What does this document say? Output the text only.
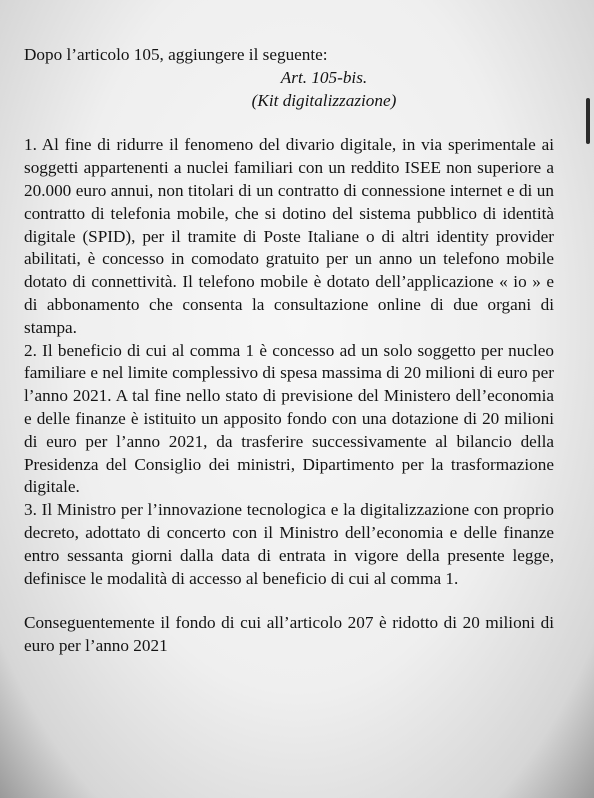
Dopo l’articolo 105, aggiungere il seguente:

Art. 105-bis.

(Kit digitalizzazione)

1. Al fine di ridurre il fenomeno del divario digitale, in via sperimentale ai soggetti appartenenti a nuclei familiari con un reddito ISEE non superiore a 20.000 euro annui, non titolari di un contratto di connessione internet e di un contratto di telefonia mobile, che si dotino del sistema pubblico di identità digitale (SPID), per il tramite di Poste Italiane o di altri identity provider abilitati, è concesso in comodato gratuito per un anno un telefono mobile dotato di connettività. Il telefono mobile è dotato dell’applicazione « io » e di abbonamento che consenta la consultazione online di due organi di stampa.

2. Il beneficio di cui al comma 1 è concesso ad un solo soggetto per nucleo familiare e nel limite complessivo di spesa massima di 20 milioni di euro per l’anno 2021. A tal fine nello stato di previsione del Ministero dell’economia e delle finanze è istituito un apposito fondo con una dotazione di 20 milioni di euro per l’anno 2021, da trasferire successivamente al bilancio della Presidenza del Consiglio dei ministri, Dipartimento per la trasformazione digitale.

3. Il Ministro per l’innovazione tecnologica e la digitalizzazione con proprio decreto, adottato di concerto con il Ministro dell’economia e delle finanze entro sessanta giorni dalla data di entrata in vigore della presente legge, definisce le modalità di accesso al beneficio di cui al comma 1.

Conseguentemente il fondo di cui all’articolo 207 è ridotto di 20 milioni di euro per l’anno 2021
